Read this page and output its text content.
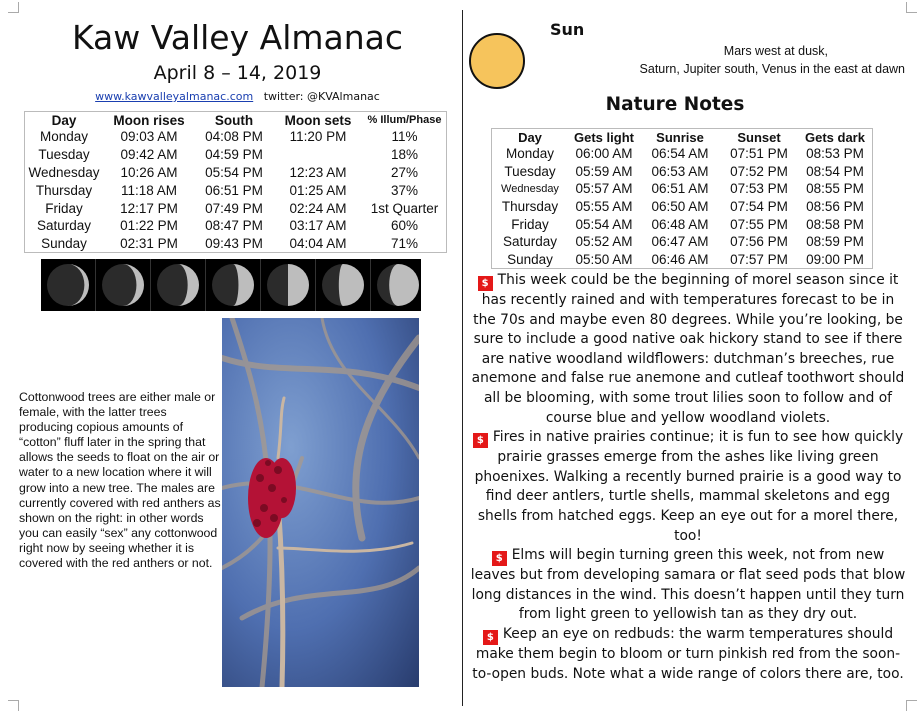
Kaw Valley Almanac
April 8 – 14, 2019
www.kawvalleyalmanac.com twitter: @KVAlmanac
Day	Moon rises	South	Moon sets	% Illum/Phase
Monday	09:03 AM	04:08 PM	11:20 PM	11%
Tuesday	09:42 AM	04:59 PM		18%
Wednesday	10:26 AM	05:54 PM	12:23 AM	27%
Thursday	11:18 AM	06:51 PM	01:25 AM	37%
Friday	12:17 PM	07:49 PM	02:24 AM	1st Quarter
Saturday	01:22 PM	08:47 PM	03:17 AM	60%
Sunday	02:31 PM	09:43 PM	04:04 AM	71%
Cottonwood trees are either male or female, with the latter trees producing copious amounts of “cotton” fluff later in the spring that allows the seeds to float on the air or water to a new location where it will grow into a new tree. The males are currently covered with red anthers as shown on the right: in other words you can easily “sex” any cottonwood right now by seeing whether it is covered with the red anthers or not.
Sun
Mars west at dusk,
Saturn, Jupiter south, Venus in the east at dawn
Nature Notes
Day	Gets light	Sunrise	Sunset	Gets dark
Monday	06:00 AM	06:54 AM	07:51 PM	08:53 PM
Tuesday	05:59 AM	06:53 AM	07:52 PM	08:54 PM
Wednesday	05:57 AM	06:51 AM	07:53 PM	08:55 PM
Thursday	05:55 AM	06:50 AM	07:54 PM	08:56 PM
Friday	05:54 AM	06:48 AM	07:55 PM	08:58 PM
Saturday	05:52 AM	06:47 AM	07:56 PM	08:59 PM
Sunday	05:50 AM	06:46 AM	07:57 PM	09:00 PM

$ This week could be the beginning of morel season since it has recently rained and with temperatures forecast to be in the 70s and maybe even 80 degrees. While you’re looking, be sure to include a good native oak hickory stand to see if there are native woodland wildflowers: dutchman’s breeches, rue anemone and false rue anemone and cutleaf toothwort should all be blooming, with some trout lilies soon to follow and of course blue and yellow woodland violets.

$ Fires in native prairies continue; it is fun to see how quickly prairie grasses emerge from the ashes like living green phoenixes. Walking a recently burned prairie is a good way to find deer antlers, turtle shells, mammal skeletons and egg shells from hatched eggs. Keep an eye out for a morel there, too!

$ Elms will begin turning green this week, not from new leaves but from developing samara or flat seed pods that blow long distances in the wind. This doesn’t happen until they turn from light green to yellowish tan as they dry out.

$ Keep an eye on redbuds: the warm temperatures should make them begin to bloom or turn pinkish red from the soon-to-open buds. Note what a wide range of colors there are, too.
